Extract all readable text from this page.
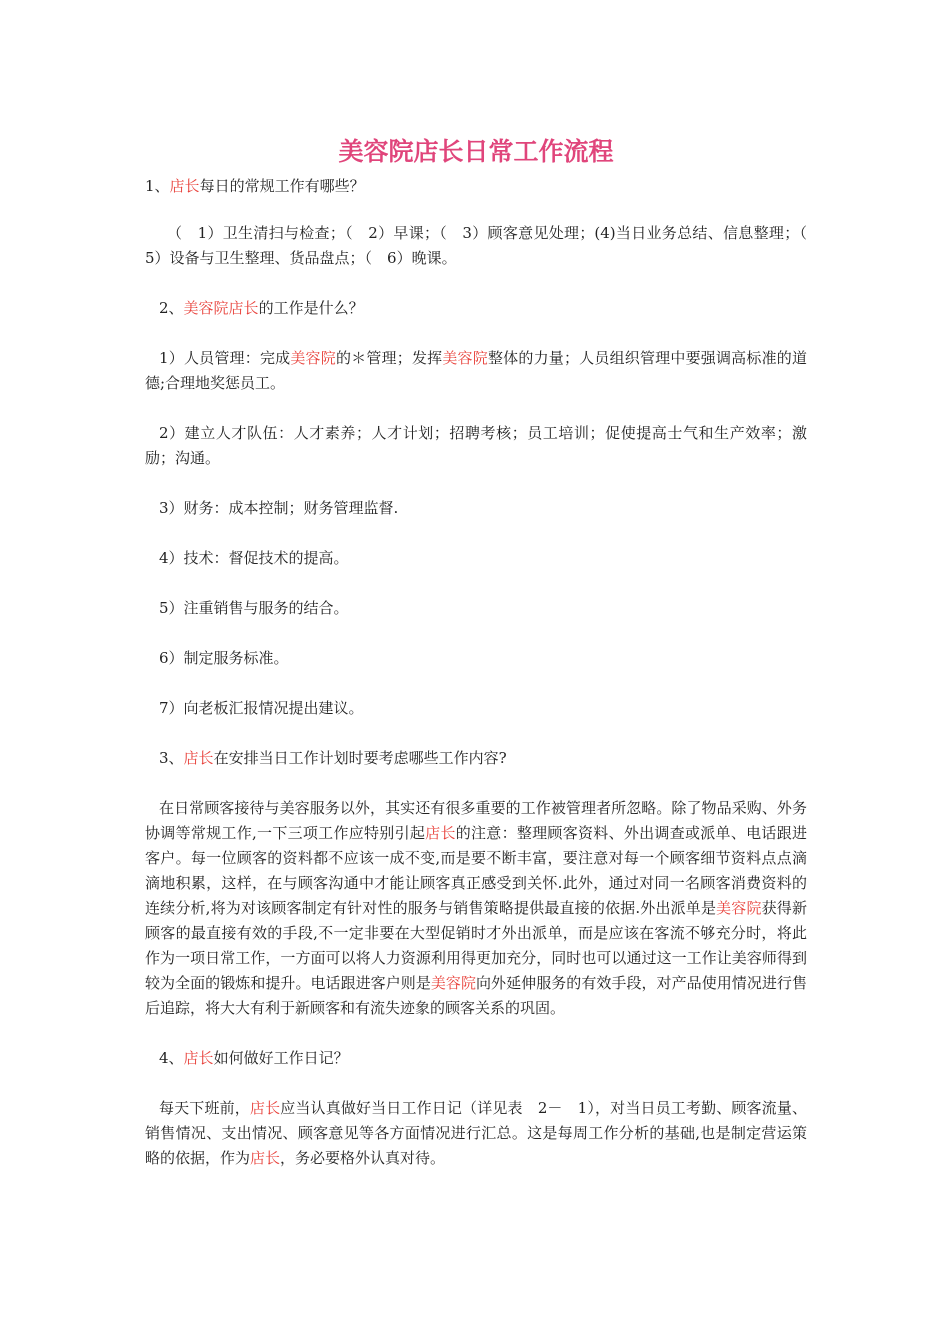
美容院店长日常工作流程

1、店长每日的常规工作有哪些？

（　1）卫生清扫与检查；（　2）早课；（　3）顾客意见处理；(4)当日业务总结、信息整理；（　5）设备与卫生整理、货品盘点；（　6）晚课。

2、美容院店长的工作是什么？

1）人员管理：完成美容院的＊管理；发挥美容院整体的力量；人员组织管理中要强调高标准的道德;合理地奖惩员工。

2）建立人才队伍：人才素养；人才计划；招聘考核；员工培训；促使提高士气和生产效率；激励；沟通。

3）财务：成本控制；财务管理监督.

4）技术：督促技术的提高。

5）注重销售与服务的结合。

6）制定服务标准。

7）向老板汇报情况提出建议。

3、店长在安排当日工作计划时要考虑哪些工作内容?

在日常顾客接待与美容服务以外，其实还有很多重要的工作被管理者所忽略。除了物品采购、外务协调等常规工作,一下三项工作应特别引起店长的注意：整理顾客资料、外出调查或派单、电话跟进客户。每一位顾客的资料都不应该一成不变,而是要不断丰富，要注意对每一个顾客细节资料点点滴滴地积累，这样，在与顾客沟通中才能让顾客真正感受到关怀.此外，通过对同一名顾客消费资料的连续分析,将为对该顾客制定有针对性的服务与销售策略提供最直接的依据.外出派单是美容院获得新顾客的最直接有效的手段,不一定非要在大型促销时才外出派单，而是应该在客流不够充分时，将此作为一项日常工作，一方面可以将人力资源利用得更加充分，同时也可以通过这一工作让美容师得到较为全面的锻炼和提升。电话跟进客户则是美容院向外延伸服务的有效手段，对产品使用情况进行售后追踪，将大大有利于新顾客和有流失迹象的顾客关系的巩固。

4、店长如何做好工作日记？

每天下班前，店长应当认真做好当日工作日记（详见表　2－　1），对当日员工考勤、顾客流量、销售情况、支出情况、顾客意见等各方面情况进行汇总。这是每周工作分析的基础,也是制定营运策略的依据，作为店长，务必要格外认真对待。
